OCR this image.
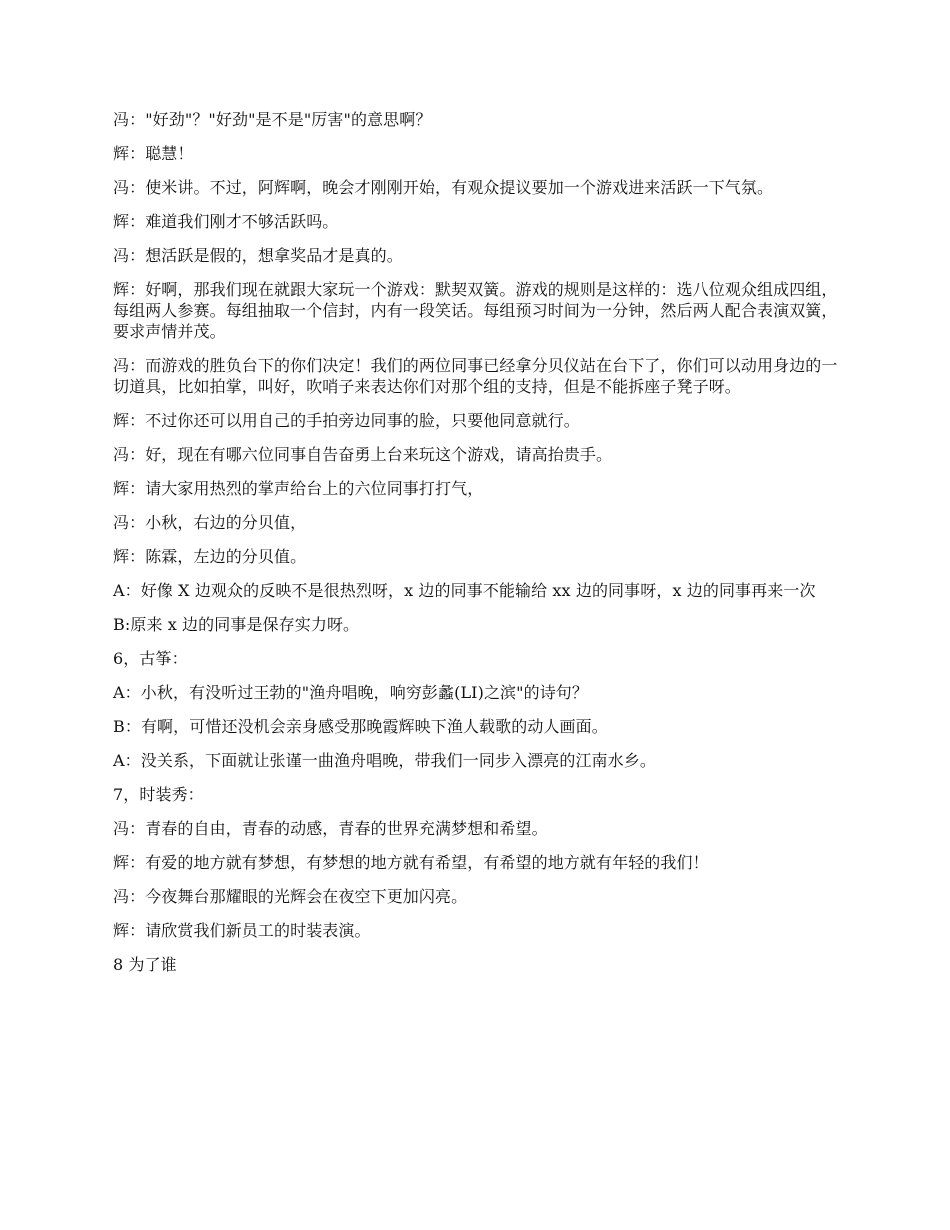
冯："好劲"？"好劲"是不是"厉害"的意思啊？

辉：聪慧！

冯：使米讲。不过，阿辉啊，晚会才刚刚开始，有观众提议要加一个游戏进来活跃一下气氛。

辉：难道我们刚才不够活跃吗。

冯：想活跃是假的，想拿奖品才是真的。

辉：好啊，那我们现在就跟大家玩一个游戏：默契双簧。游戏的规则是这样的：选八位观众组成四组，每组两人参赛。每组抽取一个信封，内有一段笑话。每组预习时间为一分钟，然后两人配合表演双簧，要求声情并茂。

冯：而游戏的胜负台下的你们决定！我们的两位同事已经拿分贝仪站在台下了，你们可以动用身边的一切道具，比如拍掌，叫好，吹哨子来表达你们对那个组的支持，但是不能拆座子凳子呀。

辉：不过你还可以用自己的手拍旁边同事的脸，只要他同意就行。

冯：好，现在有哪六位同事自告奋勇上台来玩这个游戏，请高抬贵手。

辉：请大家用热烈的掌声给台上的六位同事打打气，

冯：小秋，右边的分贝值，

辉：陈霖，左边的分贝值。

A：好像 X 边观众的反映不是很热烈呀，x 边的同事不能输给 xx 边的同事呀，x 边的同事再来一次

B:原来 x 边的同事是保存实力呀。

6，古筝：

A：小秋，有没听过王勃的"渔舟唱晚，响穷彭蠡(LI)之滨"的诗句？

B：有啊，可惜还没机会亲身感受那晚霞辉映下渔人载歌的动人画面。

A：没关系，下面就让张谨一曲渔舟唱晚，带我们一同步入漂亮的江南水乡。

7，时装秀：

冯：青春的自由，青春的动感，青春的世界充满梦想和希望。

辉：有爱的地方就有梦想，有梦想的地方就有希望，有希望的地方就有年轻的我们！

冯：今夜舞台那耀眼的光辉会在夜空下更加闪亮。

辉：请欣赏我们新员工的时装表演。

8 为了谁
